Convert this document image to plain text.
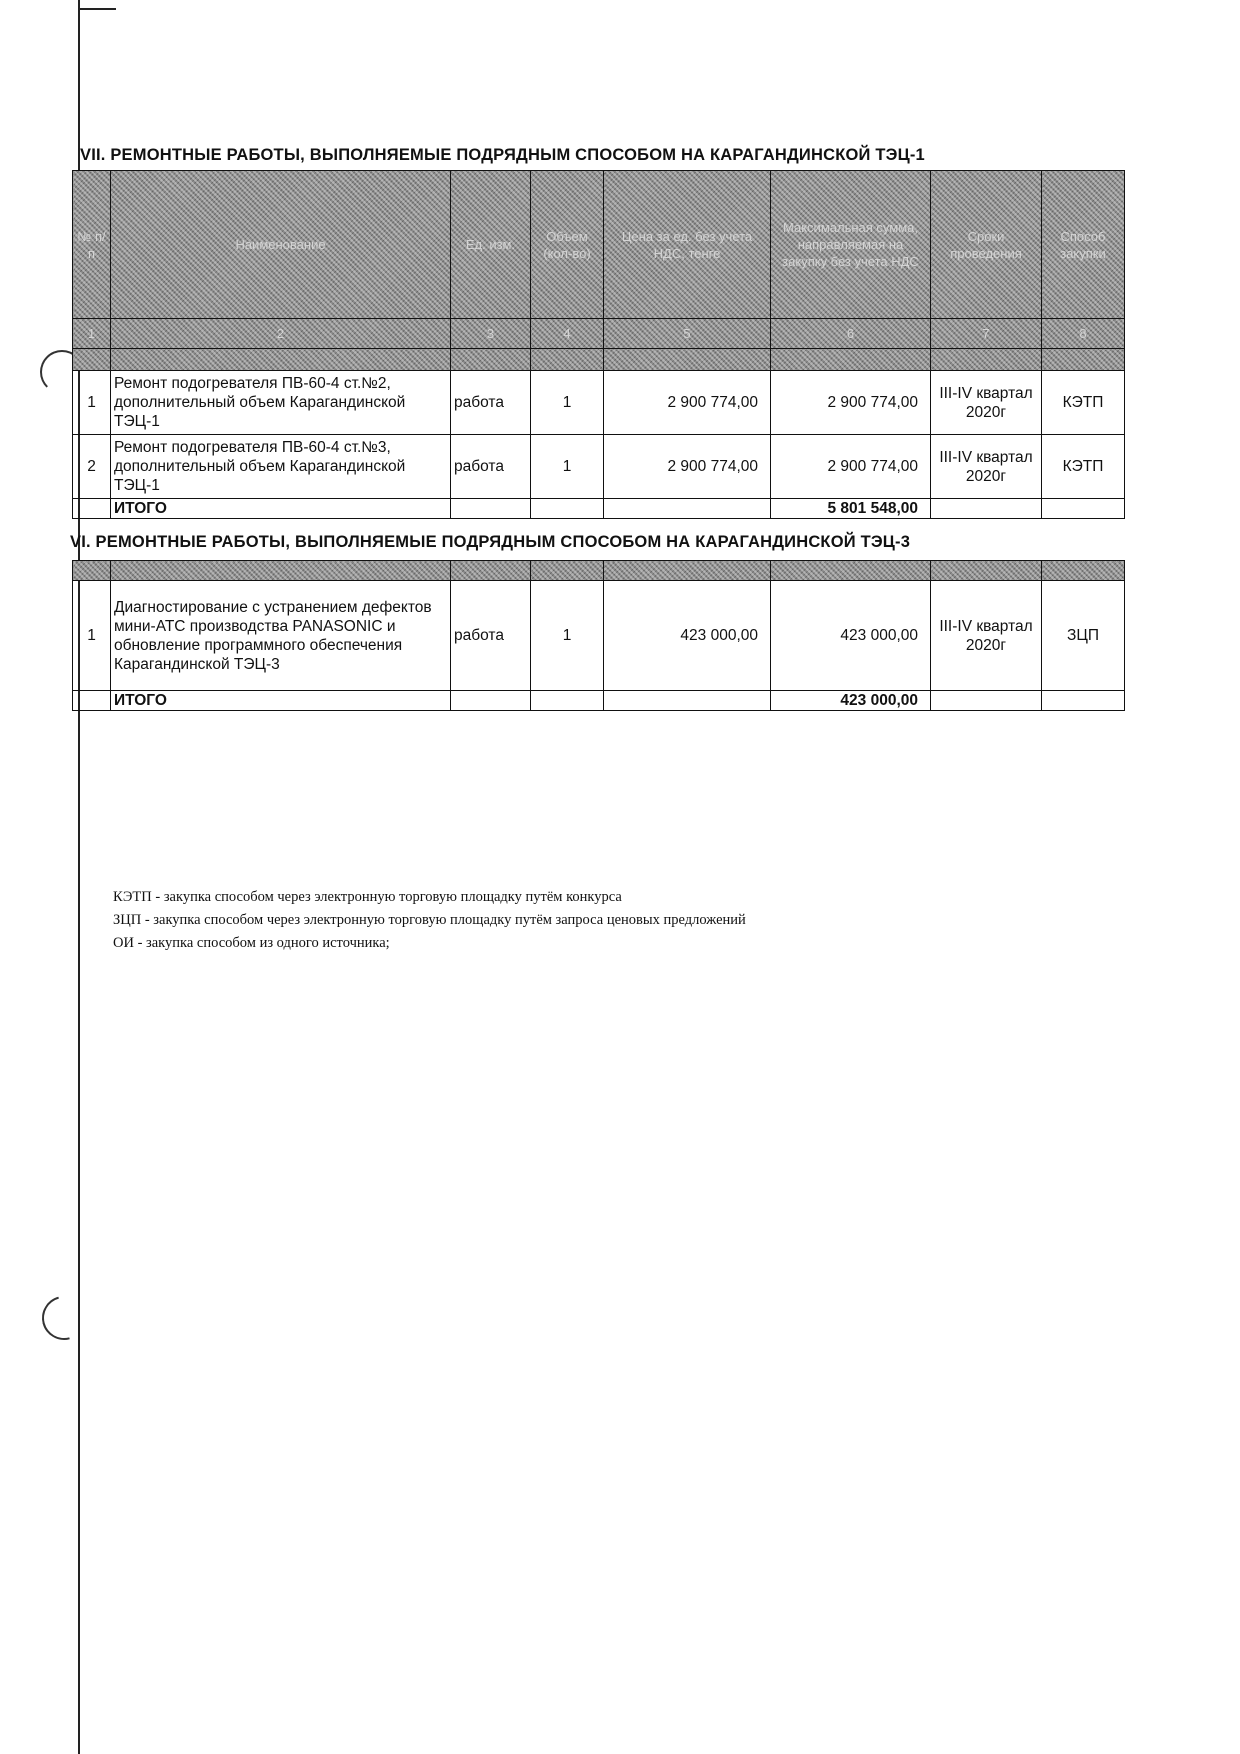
VII. РЕМОНТНЫЕ РАБОТЫ, ВЫПОЛНЯЕМЫЕ ПОДРЯДНЫМ СПОСОБОМ НА КАРАГАНДИНСКОЙ ТЭЦ-1
№ п/п	Наименование	Ед. изм.	Объем (кол-во)	Цена за ед. без учета НДС, тенге	Максимальная сумма, направляемая на закупку без учета НДС	Сроки проведения	Способ закупки
1	2	3	4	5	6	7	8

1	Ремонт подогревателя ПВ-60-4 ст.№2, дополнительный объем Карагандинской ТЭЦ-1	работа	1	2 900 774,00	2 900 774,00	III-IV квартал 2020г	КЭТП
2	Ремонт подогревателя ПВ-60-4 ст.№3, дополнительный объем Карагандинской ТЭЦ-1	работа	1	2 900 774,00	2 900 774,00	III-IV квартал 2020г	КЭТП
	ИТОГО				5 801 548,00		
VI. РЕМОНТНЫЕ РАБОТЫ, ВЫПОЛНЯЕМЫЕ ПОДРЯДНЫМ СПОСОБОМ НА КАРАГАНДИНСКОЙ ТЭЦ-3

1	Диагностирование с устранением дефектов мини-АТС производства PANASONIC и обновление программного обеспечения Карагандинской ТЭЦ-3	работа	1	423 000,00	423 000,00	III-IV квартал 2020г	ЗЦП
	ИТОГО				423 000,00		
КЭТП - закупка способом через электронную торговую площадку путём конкурса
ЗЦП - закупка способом через электронную торговую площадку путём запроса ценовых предложений
ОИ - закупка способом из одного источника;
